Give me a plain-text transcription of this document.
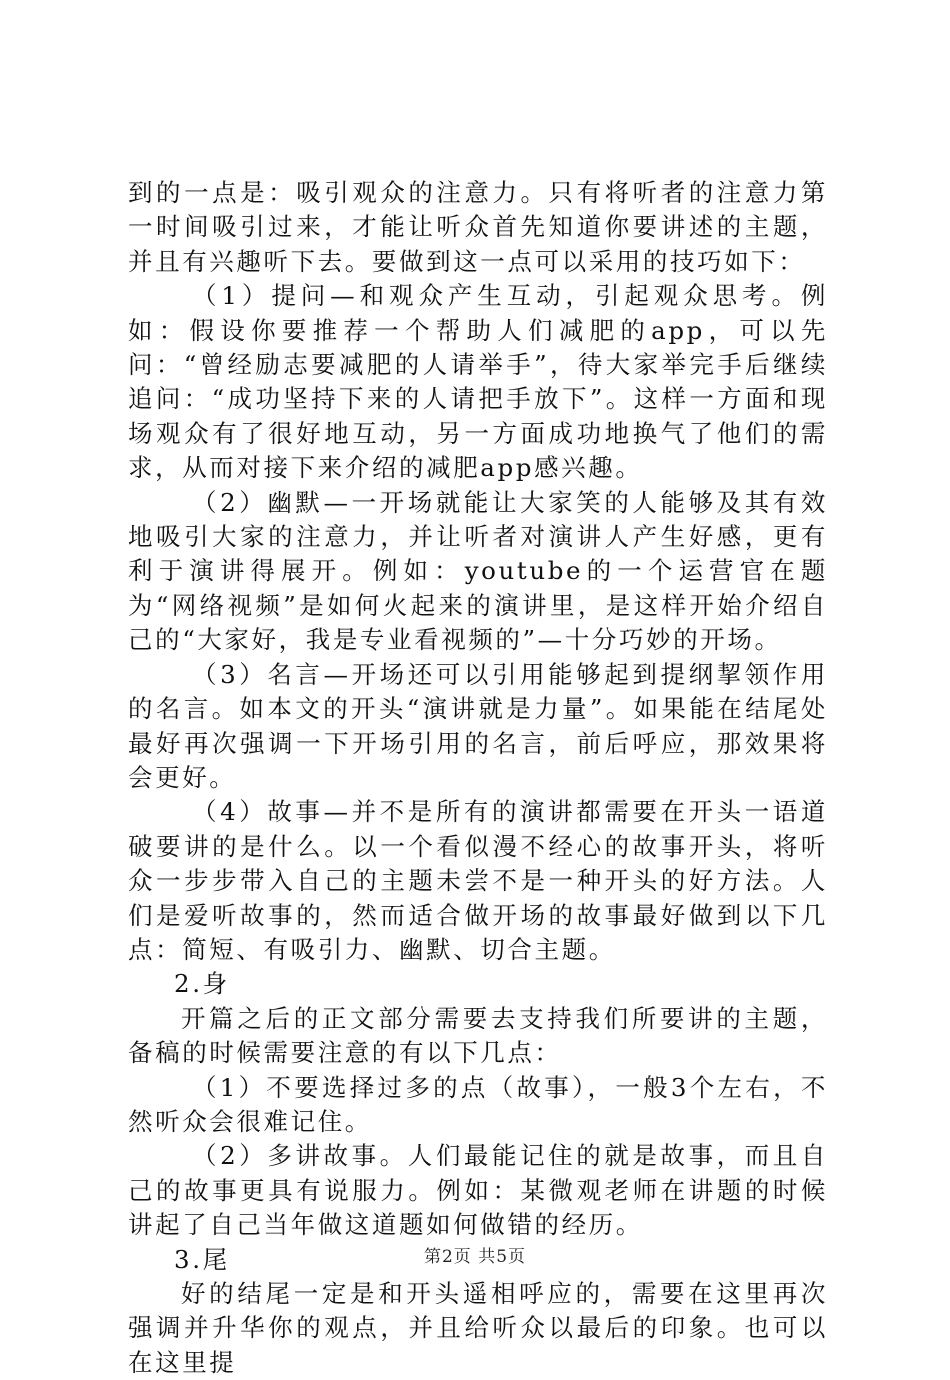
到的一点是：吸引观众的注意力。只有将听者的注意力第一时间吸引过来，才能让听众首先知道你要讲述的主题，并且有兴趣听下去。要做到这一点可以采用的技巧如下：

（1）提问—和观众产生互动，引起观众思考。例如：假设你要推荐一个帮助人们减肥的app，可以先问：“曾经励志要减肥的人请举手”，待大家举完手后继续追问：“成功坚持下来的人请把手放下”。这样一方面和现场观众有了很好地互动，另一方面成功地换气了他们的需求，从而对接下来介绍的减肥app感兴趣。

（2）幽默—一开场就能让大家笑的人能够及其有效地吸引大家的注意力，并让听者对演讲人产生好感，更有利于演讲得展开。例如：youtube的一个运营官在题为“网络视频”是如何火起来的演讲里，是这样开始介绍自己的“大家好，我是专业看视频的”—十分巧妙的开场。

（3）名言—开场还可以引用能够起到提纲挈领作用的名言。如本文的开头“演讲就是力量”。如果能在结尾处最好再次强调一下开场引用的名言，前后呼应，那效果将会更好。

（4）故事—并不是所有的演讲都需要在开头一语道破要讲的是什么。以一个看似漫不经心的故事开头，将听众一步步带入自己的主题未尝不是一种开头的好方法。人们是爱听故事的，然而适合做开场的故事最好做到以下几点：简短、有吸引力、幽默、切合主题。

2.身

开篇之后的正文部分需要去支持我们所要讲的主题，备稿的时候需要注意的有以下几点：

（1）不要选择过多的点（故事），一般3个左右，不然听众会很难记住。

（2）多讲故事。人们最能记住的就是故事，而且自己的故事更具有说服力。例如：某微观老师在讲题的时候讲起了自己当年做这道题如何做错的经历。

3.尾

好的结尾一定是和开头遥相呼应的，需要在这里再次强调并升华你的观点，并且给听众以最后的印象。也可以在这里提

第2页 共5页
